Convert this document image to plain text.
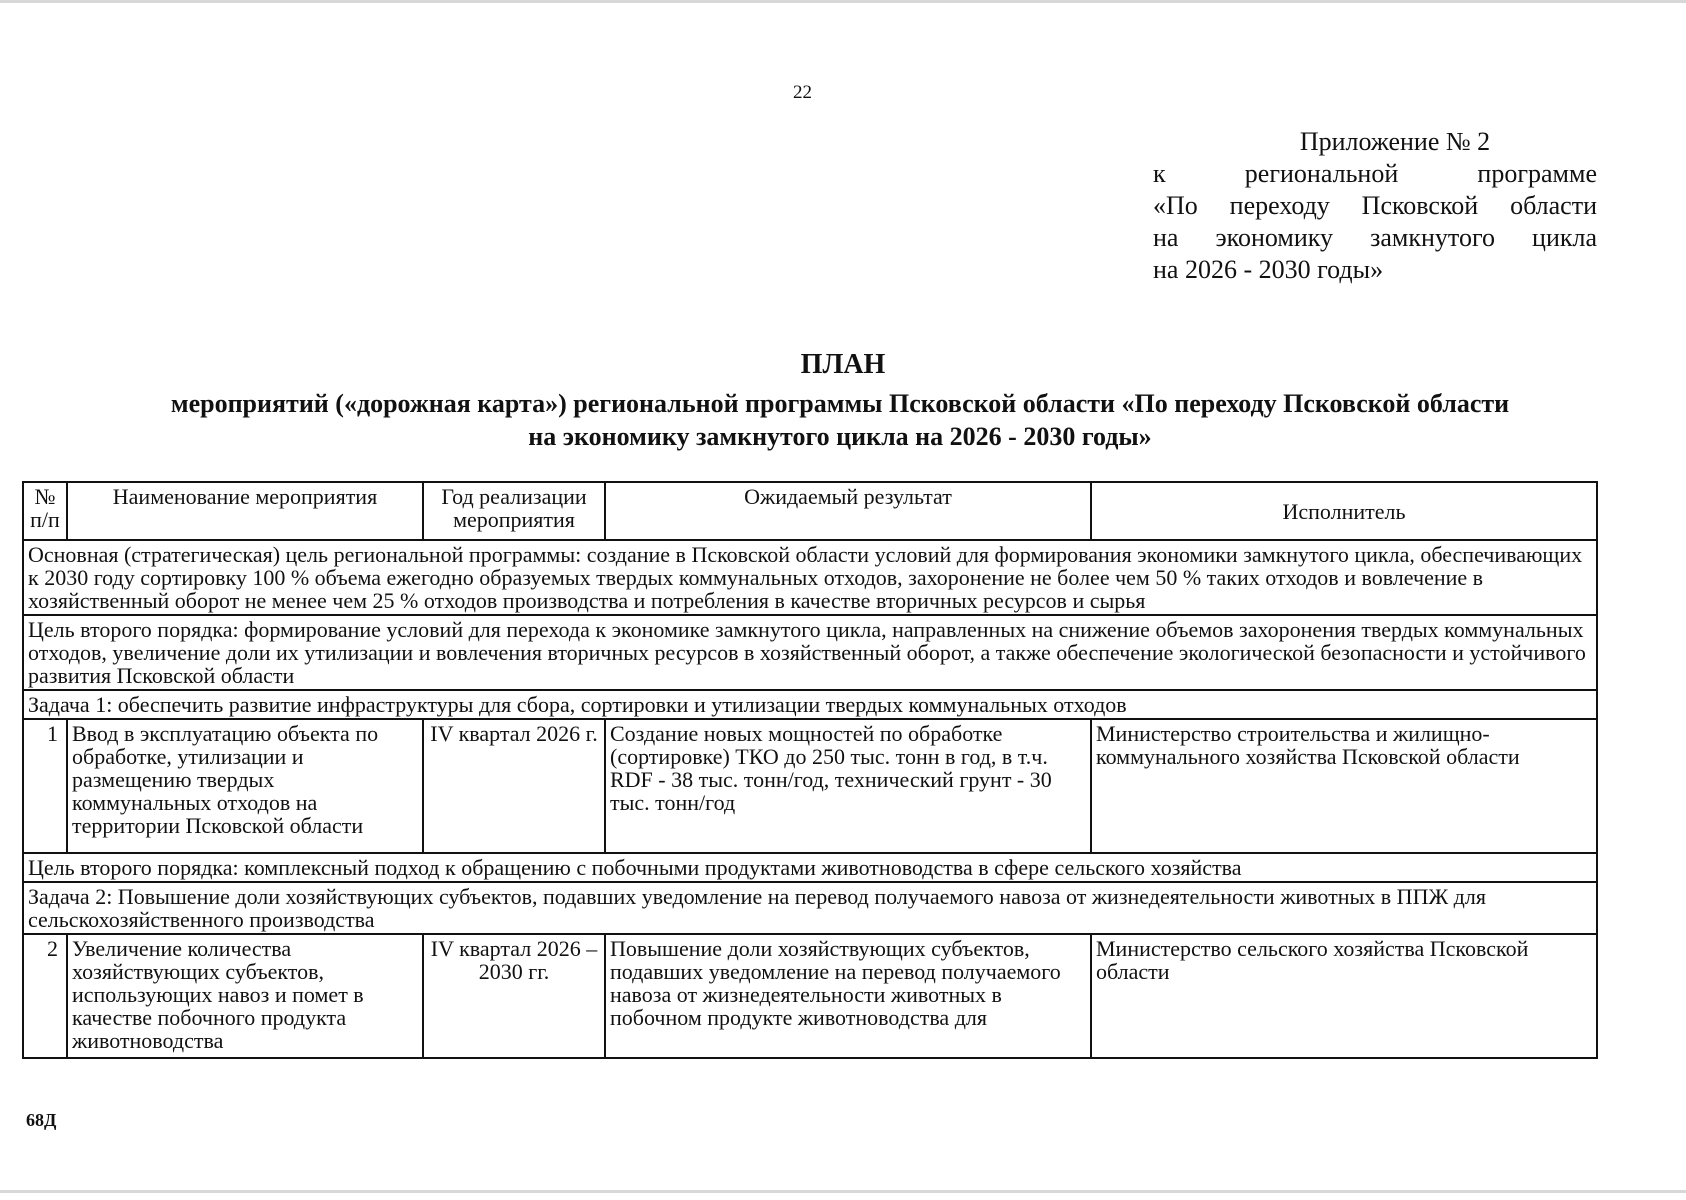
22
Приложение № 2
к региональной программе
«По переходу Псковской области
на экономику замкнутого цикла
на 2026 - 2030 годы»
ПЛАН
мероприятий («дорожная карта») региональной программы Псковской области «По переходу Псковской области
на экономику замкнутого цикла на 2026 - 2030 годы»
№ п/п	Наименование мероприятия	Год реализации мероприятия	Ожидаемый результат	Исполнитель
Основная (стратегическая) цель региональной программы: создание в Псковской области условий для формирования экономики замкнутого цикла, обеспечивающих к 2030 году сортировку 100 % объема ежегодно образуемых твердых коммунальных отходов, захоронение не более чем 50 % таких отходов и вовлечение в хозяйственный оборот не менее чем 25 % отходов производства и потребления в качестве вторичных ресурсов и сырья				
Цель второго порядка: формирование условий для перехода к экономике замкнутого цикла, направленных на снижение объемов захоронения твердых коммунальных отходов, увеличение доли их утилизации и вовлечения вторичных ресурсов в хозяйственный оборот, а также обеспечение экологической безопасности и устойчивого развития Псковской области				
Задача 1: обеспечить развитие инфраструктуры для сбора, сортировки и утилизации твердых коммунальных отходов				
1	Ввод в эксплуатацию объекта по обработке, утилизации и размещению твердых коммунальных отходов на территории Псковской области	IV квартал 2026 г.	Создание новых мощностей по обработке (сортировке) ТКО до 250 тыс. тонн в год, в т.ч. RDF - 38 тыс. тонн/год, технический грунт - 30 тыс. тонн/год	Министерство строительства и жилищно-коммунального хозяйства Псковской области
Цель второго порядка: комплексный подход к обращению с побочными продуктами животноводства в сфере сельского хозяйства				
Задача 2: Повышение доли хозяйствующих субъектов, подавших уведомление на перевод получаемого навоза от жизнедеятельности животных в ППЖ для сельскохозяйственного производства				
2	Увеличение количества хозяйствующих субъектов, использующих навоз и помет в качестве побочного продукта животноводства	IV квартал 2026 – 2030 гг.	Повышение доли хозяйствующих субъектов, подавших уведомление на перевод получаемого навоза от жизнедеятельности животных в побочном продукте животноводства для	Министерство сельского хозяйства Псковской области
68Д
